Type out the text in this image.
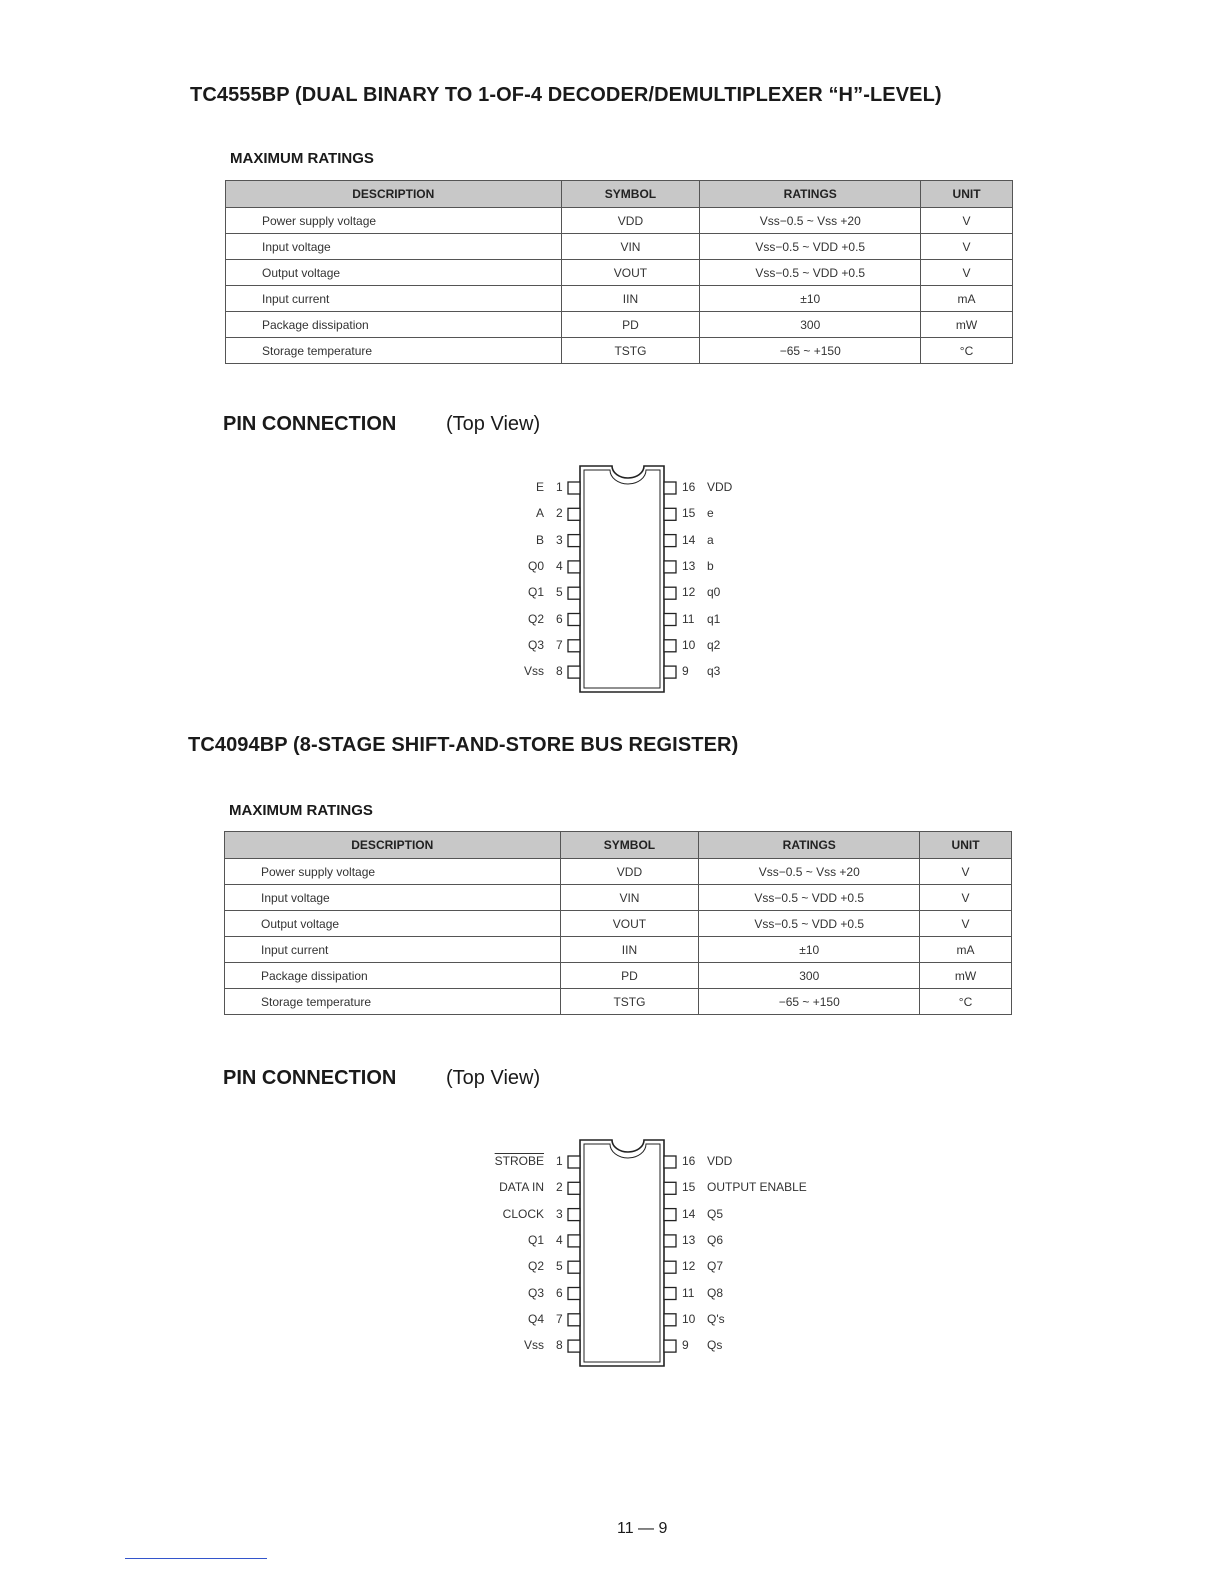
TC4555BP (DUAL BINARY TO 1-OF-4 DECODER/DEMULTIPLEXER “H”-LEVEL)
MAXIMUM RATINGS
DESCRIPTION	SYMBOL	RATINGS	UNIT
Power supply voltage	VDD	Vss−0.5 ~ Vss +20	V
Input voltage	VIN	Vss−0.5 ~ VDD +0.5	V
Output voltage	VOUT	Vss−0.5 ~ VDD +0.5	V
Input current	IIN	±10	mA
Package dissipation	PD	300	mW
Storage temperature	TSTG	−65 ~ +150	°C
PIN CONNECTION (Top View)
1
E
2
A
3
B
4
Q0
5
Q1
6
Q2
7
Q3
8
Vss
16 VDD
15 e
14 a
13 b
12 q0
11 q1
10 q2
9 q3
TC4094BP (8-STAGE SHIFT-AND-STORE BUS REGISTER)
MAXIMUM RATINGS
DESCRIPTION	SYMBOL	RATINGS	UNIT
Power supply voltage	VDD	Vss−0.5 ~ Vss +20	V
Input voltage	VIN	Vss−0.5 ~ VDD +0.5	V
Output voltage	VOUT	Vss−0.5 ~ VDD +0.5	V
Input current	IIN	±10	mA
Package dissipation	PD	300	mW
Storage temperature	TSTG	−65 ~ +150	°C
PIN CONNECTION (Top View)
1
STROBE
2
DATA IN
3
CLOCK
4
Q1
5
Q2
6
Q3
7
Q4
8
Vss
16 VDD
15 OUTPUT ENABLE
14 Q5
13 Q6
12 Q7
11 Q8
10 Q's
9 Qs
11 — 9
